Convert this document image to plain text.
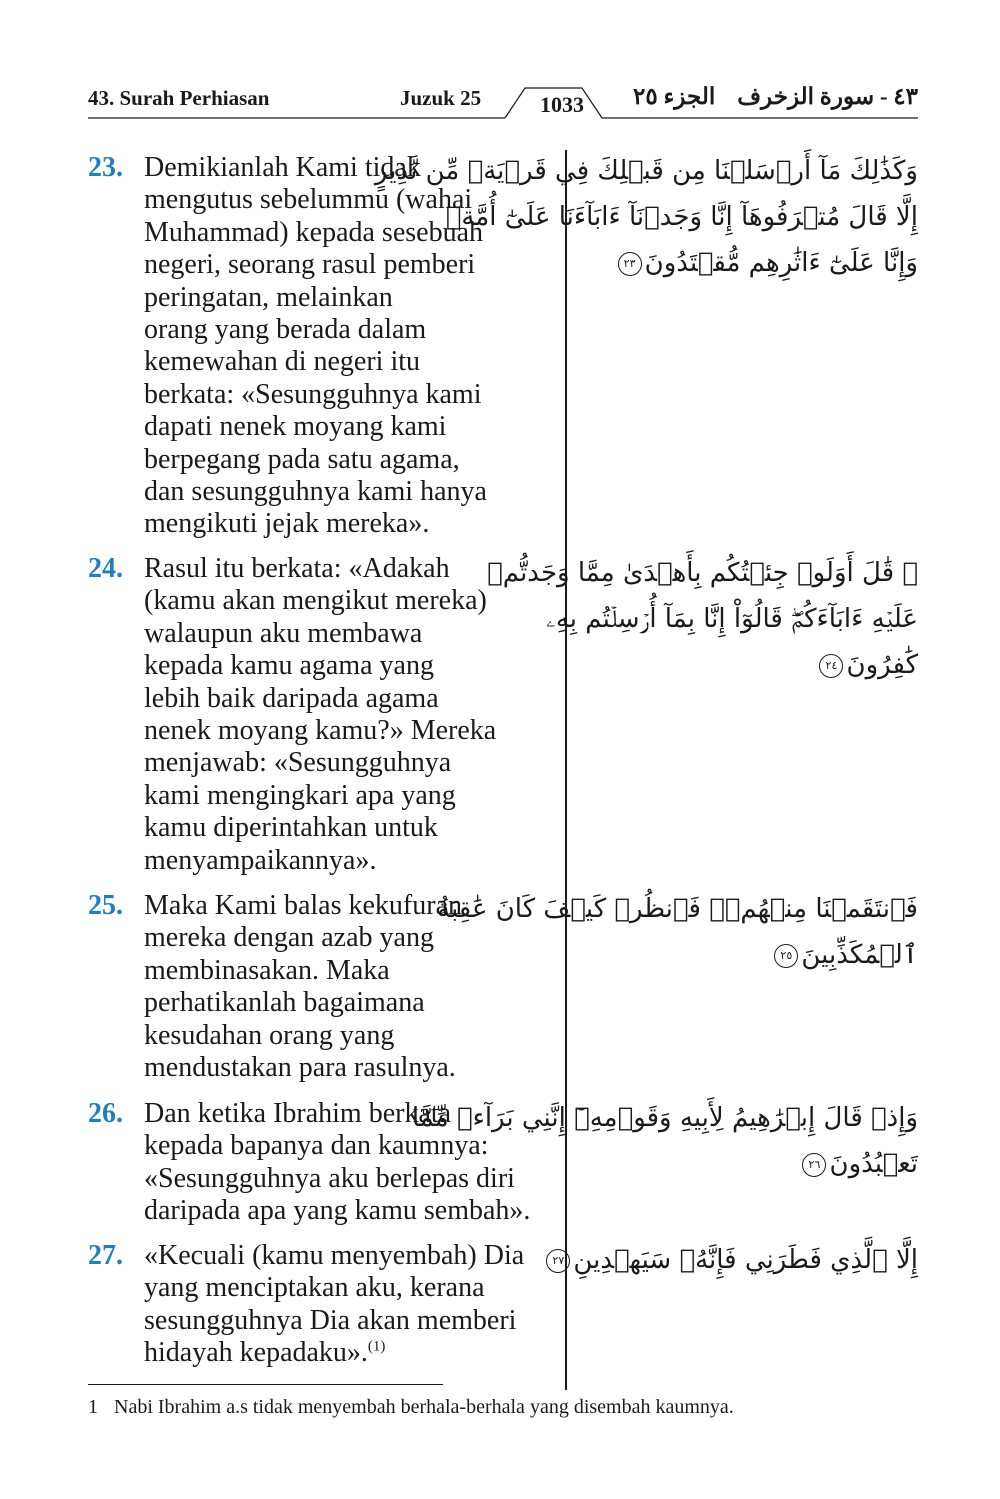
43. Surah Perhiasan	Juzuk 25	1033 الجزء ٢٥ ٤٣ - سورة الزخرف
23. Demikianlah Kami tidak
mengutus sebelummu (wahai
Muhammad) kepada sesebuah
negeri, seorang rasul pemberi
peringatan, melainkan
orang yang berada dalam
kemewahan di negeri itu
berkata: «Sesungguhnya kami
dapati nenek moyang kami
berpegang pada satu agama,
dan sesungguhnya kami hanya
mengikuti jejak mereka».
وَكَذَٰلِكَ مَآ أَرۡسَلۡنَا مِن قَبۡلِكَ فِي قَرۡيَةٖ مِّن نَّذِيرٍ
إِلَّا قَالَ مُتۡرَفُوهَآ إِنَّا وَجَدۡنَآ ءَابَآءَنَا عَلَىٰٓ أُمَّةٖ
وَإِنَّا عَلَىٰٓ ءَاثَٰرِهِم مُّقۡتَدُونَ٢٣
24. Rasul itu berkata: «Adakah
(kamu akan mengikut mereka)
walaupun aku membawa
kepada kamu agama yang
lebih baik daripada agama
nenek moyang kamu?» Mereka
menjawab: «Sesungguhnya
kami mengingkari apa yang
kamu diperintahkan untuk
menyampaikannya».
۞ قَٰلَ أَوَلَوۡ جِئۡتُكُم بِأَهۡدَىٰ مِمَّا وَجَدتُّمۡ
عَلَيۡهِ ءَابَآءَكُمۡۖ قَالُوٓاْ إِنَّا بِمَآ أُرۡسِلۡتُم بِهِۦ
كَٰفِرُونَ٢٤
25. Maka Kami balas kekufuran
mereka dengan azab yang
membinasakan. Maka
perhatikanlah bagaimana
kesudahan orang yang
mendustakan para rasulnya.
فَٱنتَقَمۡنَا مِنۡهُمۡۖ فَٱنظُرۡ كَيۡفَ كَانَ عَٰقِبَةُ
ٱلۡمُكَذِّبِينَ٢٥
26. Dan ketika Ibrahim berkata
kepada bapanya dan kaumnya:
«Sesungguhnya aku berlepas diri
daripada apa yang kamu sembah».
وَإِذۡ قَالَ إِبۡرَٰهِيمُ لِأَبِيهِ وَقَوۡمِهِۦٓ إِنَّنِي بَرَآءٞ مِّمَّا
تَعۡبُدُونَ٢٦
27. «Kecuali (kamu menyembah) Dia
yang menciptakan aku, kerana
sesungguhnya Dia akan memberi
hidayah kepadaku».$^{(1)}$
إِلَّا ٱلَّذِي فَطَرَنِي فَإِنَّهُۥ سَيَهۡدِينِ٢٧
1 Nabi Ibrahim a.s tidak menyembah berhala-berhala yang disembah kaumnya.
